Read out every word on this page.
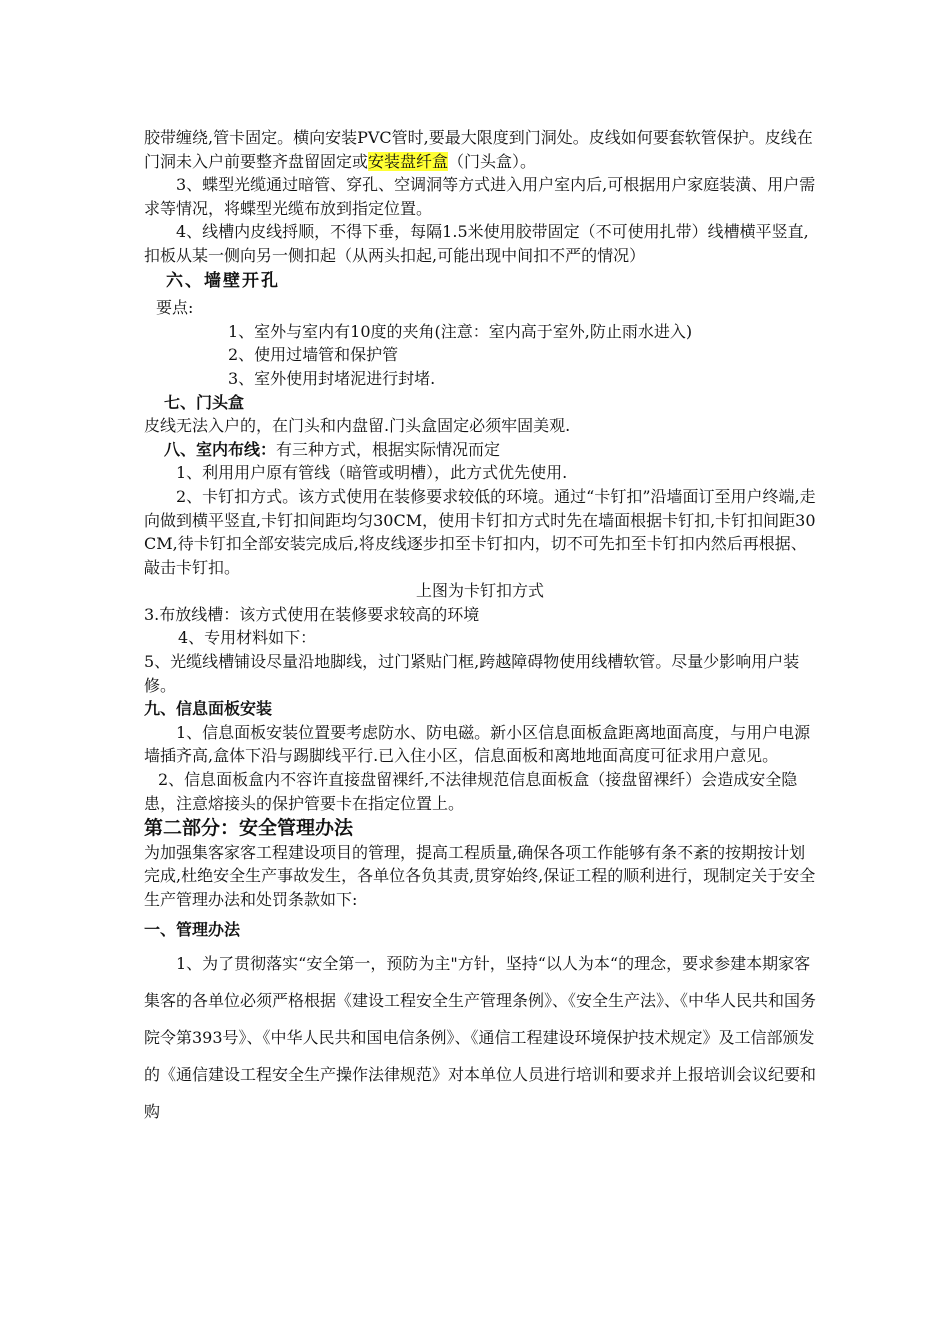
胶带缠绕,管卡固定。横向安装PVC管时,要最大限度到门洞处。皮线如何要套软管保护。皮线在门洞未入户前要整齐盘留固定或安装盘纤盒（门头盒）。

3、蝶型光缆通过暗管、穿孔、空调洞等方式进入用户室内后,可根据用户家庭装潢、用户需求等情况，将蝶型光缆布放到指定位置。

4、线槽内皮线捋顺，不得下垂，每隔1.5米使用胶带固定（不可使用扎带）线槽横平竖直,扣板从某一侧向另一侧扣起（从两头扣起,可能出现中间扣不严的情况）

六、墙壁开孔

要点:

1、室外与室内有10度的夹角(注意：室内高于室外,防止雨水进入)

2、使用过墙管和保护管

3、室外使用封堵泥进行封堵.

七、门头盒

皮线无法入户的，在门头和内盘留.门头盒固定必须牢固美观.

八、室内布线：有三种方式，根据实际情况而定

1、利用用户原有管线（暗管或明槽），此方式优先使用.

2、卡钉扣方式。该方式使用在装修要求较低的环境。通过“卡钉扣”沿墙面订至用户终端,走向做到横平竖直,卡钉扣间距均匀30CM，使用卡钉扣方式时先在墙面根据卡钉扣,卡钉扣间距30CM,待卡钉扣全部安装完成后,将皮线逐步扣至卡钉扣内，切不可先扣至卡钉扣内然后再根据、敲击卡钉扣。

上图为卡钉扣方式

3.布放线槽：该方式使用在装修要求较高的环境

4、专用材料如下：

5、光缆线槽铺设尽量沿地脚线，过门紧贴门框,跨越障碍物使用线槽软管。尽量少影响用户装修。

九、信息面板安装

1、信息面板安装位置要考虑防水、防电磁。新小区信息面板盒距离地面高度，与用户电源墙插齐高,盒体下沿与踢脚线平行.已入住小区，信息面板和离地地面高度可征求用户意见。

2、信息面板盒内不容许直接盘留裸纤,不法律规范信息面板盒（接盘留裸纤）会造成安全隐患，注意熔接头的保护管要卡在指定位置上。

第二部分：安全管理办法

为加强集客家客工程建设项目的管理，提高工程质量,确保各项工作能够有条不紊的按期按计划完成,杜绝安全生产事故发生，各单位各负其责,贯穿始终,保证工程的顺利进行，现制定关于安全生产管理办法和处罚条款如下:

一、管理办法

1、为了贯彻落实“安全第一，预防为主"方针，坚持“以人为本“的理念，要求参建本期家客集客的各单位必须严格根据《建设工程安全生产管理条例》、《安全生产法》、《中华人民共和国务院令第393号》、《中华人民共和国电信条例》、《通信工程建设环境保护技术规定》及工信部颁发的《通信建设工程安全生产操作法律规范》对本单位人员进行培训和要求并上报培训会议纪要和购
